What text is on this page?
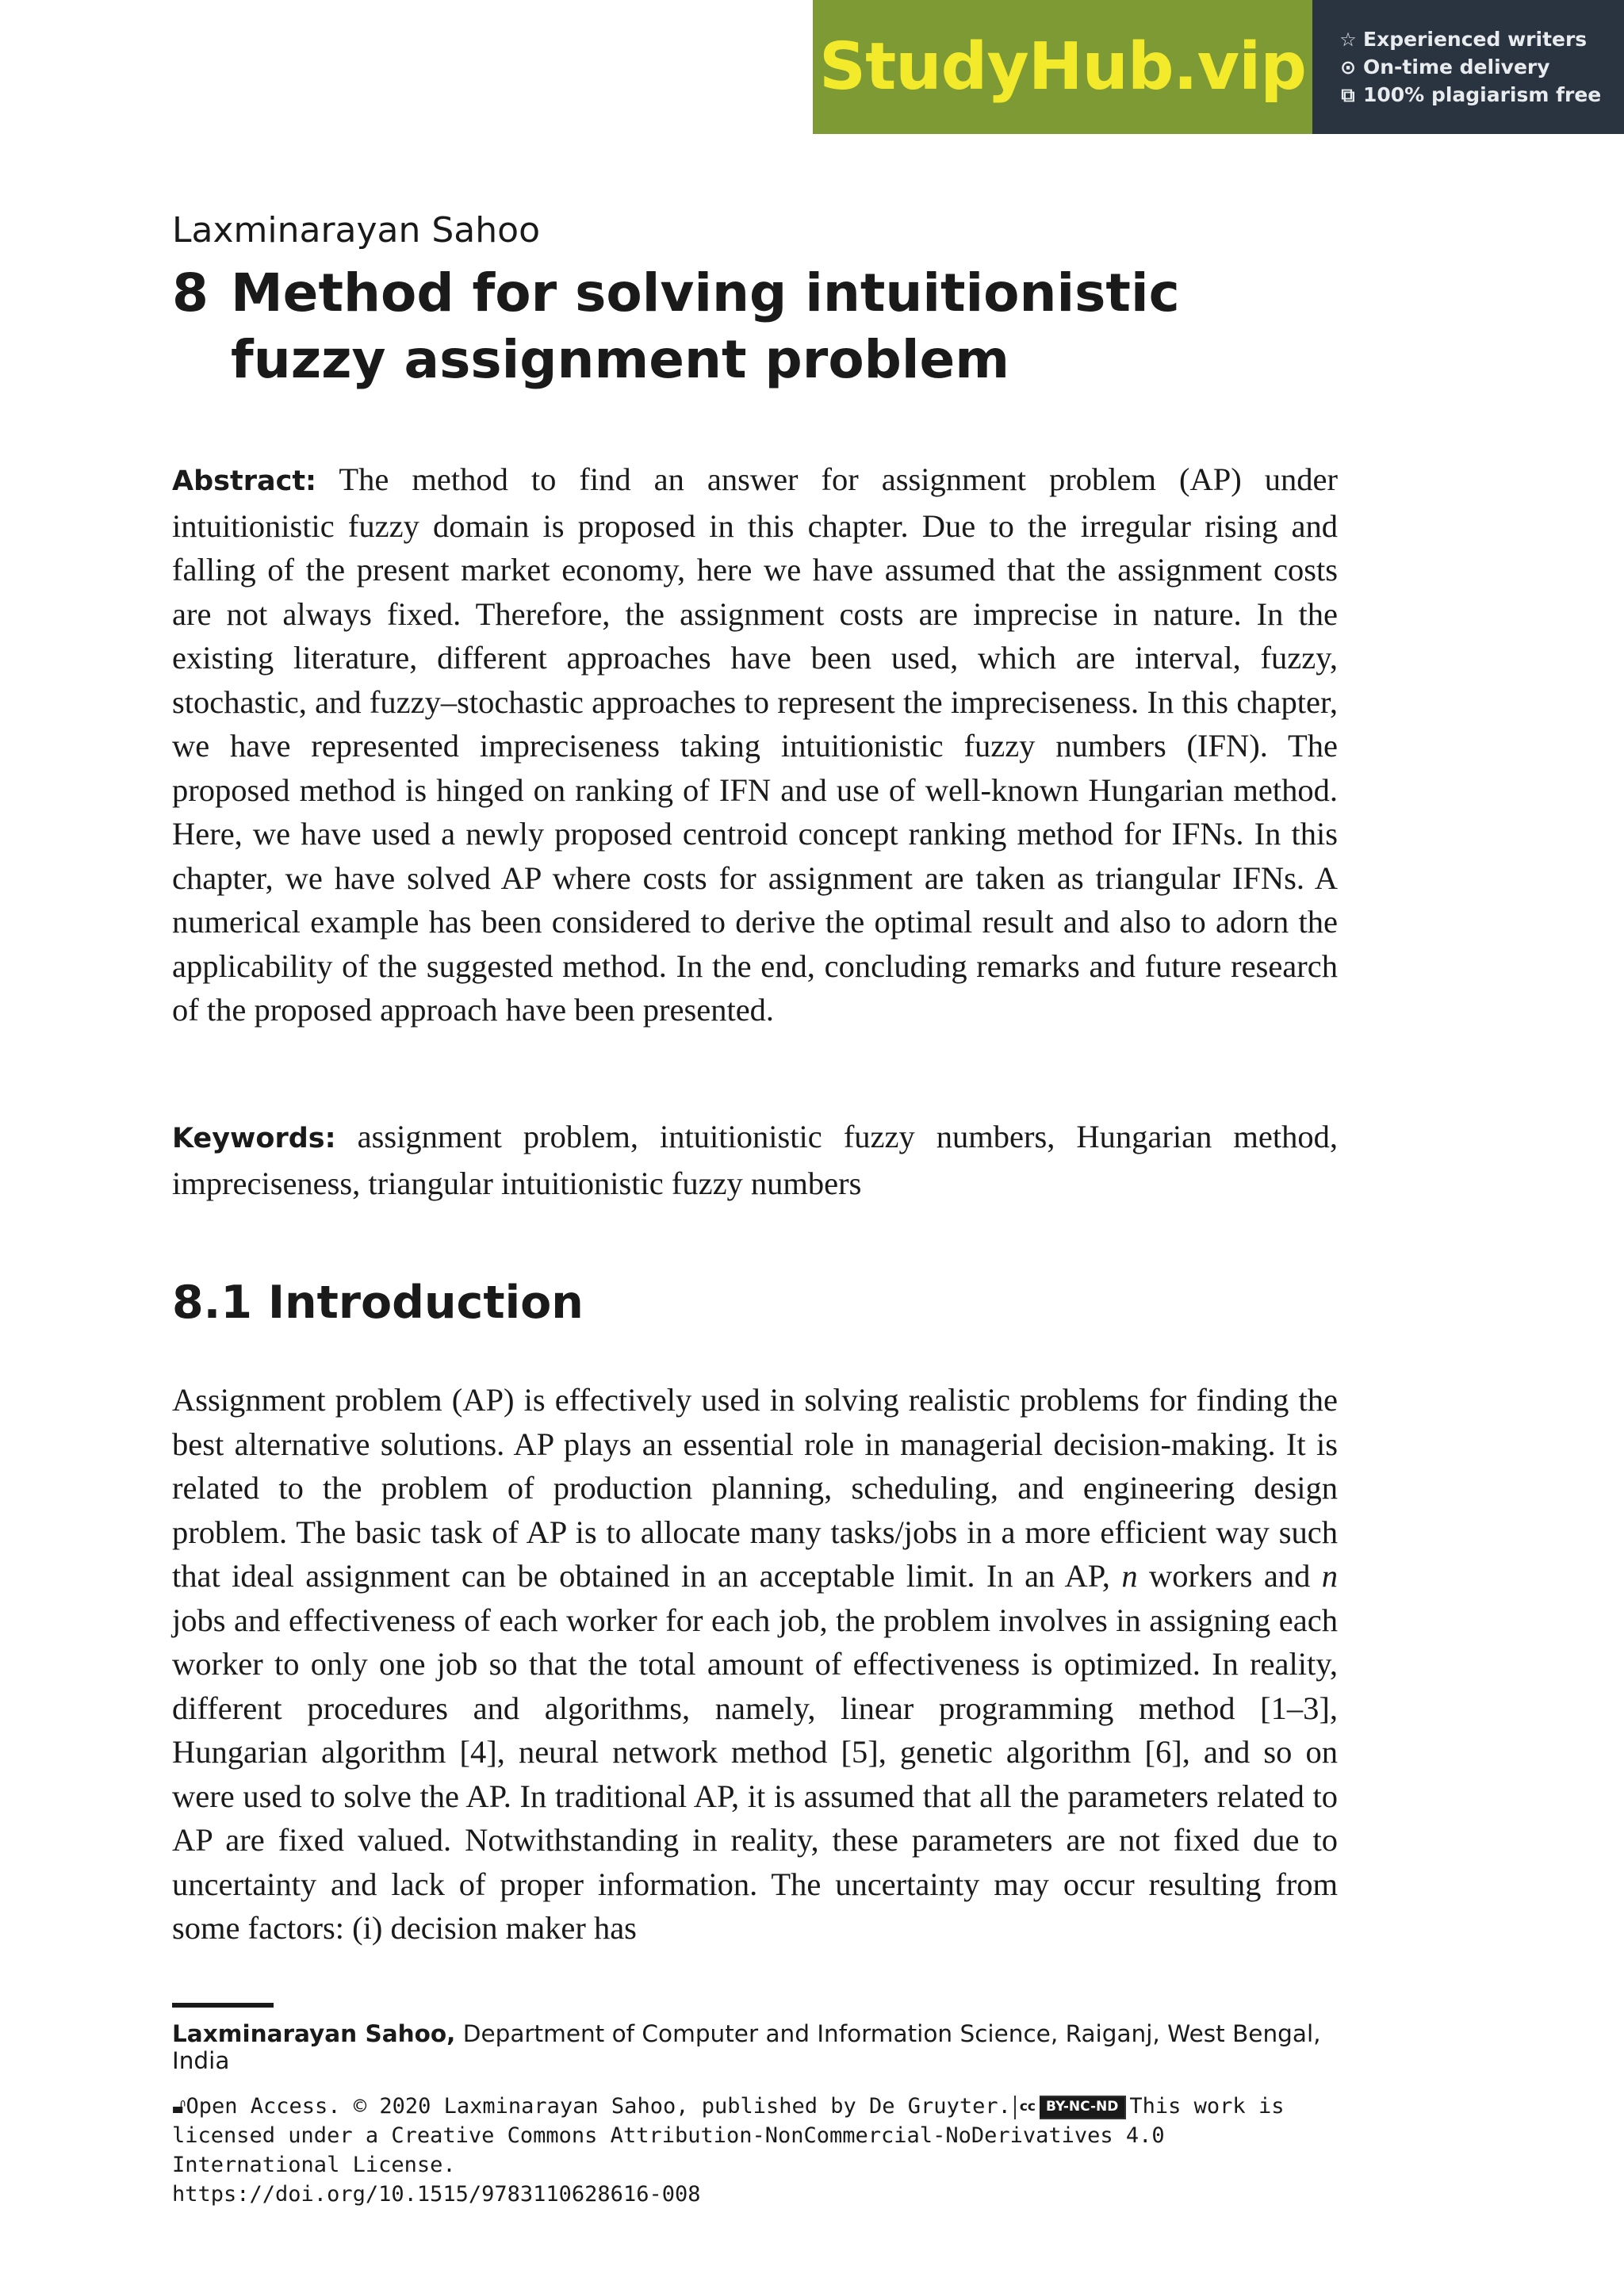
StudyHub.vip ☆ Experienced writers
⊙ On-time delivery
⧉ 100% plagiarism free
Laxminarayan Sahoo
8 Method for solving intuitionistic fuzzy assignment problem

Abstract: The method to find an answer for assignment problem (AP) under intuitionistic fuzzy domain is proposed in this chapter. Due to the irregular rising and falling of the present market economy, here we have assumed that the assignment costs are not always fixed. Therefore, the assignment costs are imprecise in nature. In the existing literature, different approaches have been used, which are interval, fuzzy, stochastic, and fuzzy–stochastic approaches to represent the impreciseness. In this chapter, we have represented impreciseness taking intuitionistic fuzzy numbers (IFN). The proposed method is hinged on ranking of IFN and use of well-known Hungarian method. Here, we have used a newly proposed centroid concept ranking method for IFNs. In this chapter, we have solved AP where costs for assignment are taken as triangular IFNs. A numerical example has been considered to derive the optimal result and also to adorn the applicability of the suggested method. In the end, concluding remarks and future research of the proposed approach have been presented.

Keywords: assignment problem, intuitionistic fuzzy numbers, Hungarian method, impreciseness, triangular intuitionistic fuzzy numbers

8.1 Introduction

Assignment problem (AP) is effectively used in solving realistic problems for finding the best alternative solutions. AP plays an essential role in managerial decision-making. It is related to the problem of production planning, scheduling, and engineering design problem. The basic task of AP is to allocate many tasks/jobs in a more efficient way such that ideal assignment can be obtained in an acceptable limit. In an AP, n workers and n jobs and effectiveness of each worker for each job, the problem involves in assigning each worker to only one job so that the total amount of effectiveness is optimized. In reality, different procedures and algorithms, namely, linear programming method [1–3], Hungarian algorithm [4], neural network method [5], genetic algorithm [6], and so on were used to solve the AP. In traditional AP, it is assumed that all the parameters related to AP are fixed valued. Notwithstanding in reality, these parameters are not fixed due to uncertainty and lack of proper information. The uncertainty may occur resulting from some factors: (i) decision maker has

Laxminarayan Sahoo, Department of Computer and Information Science, Raiganj, West Bengal, India
🔓︎Open Access. © 2020 Laxminarayan Sahoo, published by De Gruyter. cc BY-NC-ND This work is licensed under a Creative Commons Attribution-NonCommercial-NoDerivatives 4.0 International License.
https://doi.org/10.1515/9783110628616-008
